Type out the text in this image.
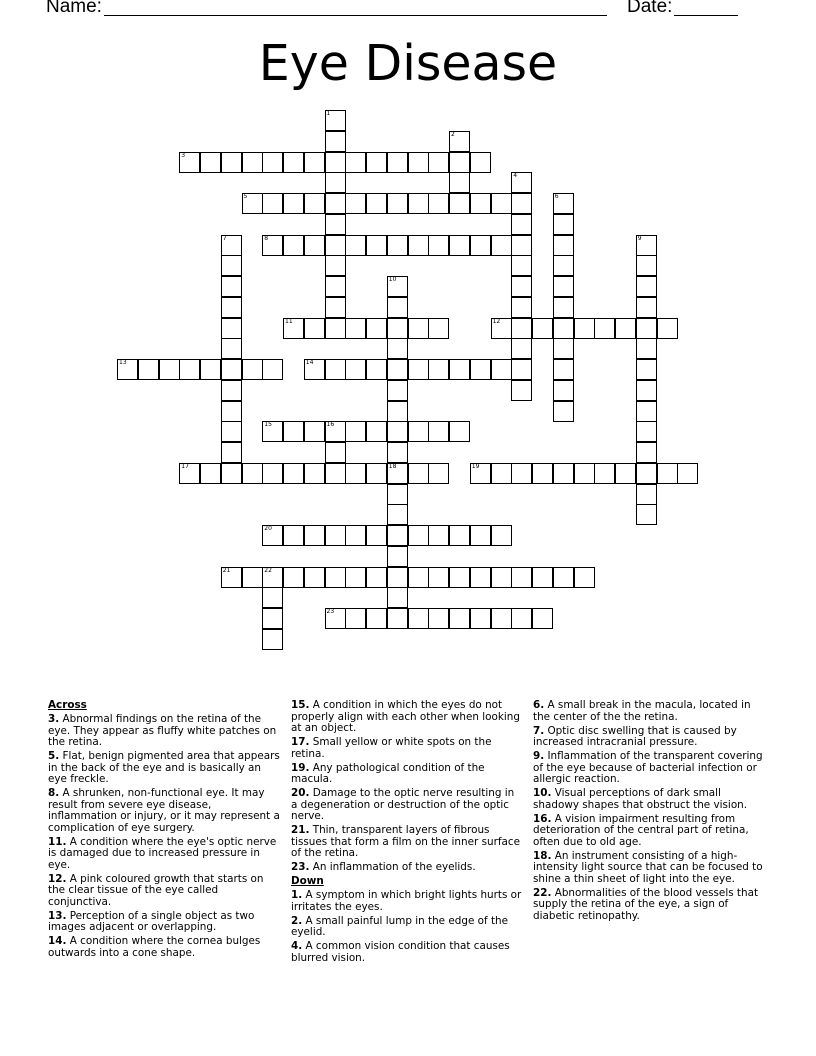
Name:	Date:
Eye Disease
1
2
3
4
5	6
7	8	9
10
18
11	12
13	14
15	16
17	19
20
21	22
23
Across
3. Abnormal findings on the retina of the eye. They appear as fluffy white patches on the retina.
5. Flat, benign pigmented area that appears in the back of the eye and is basically an eye freckle.
8. A shrunken, non-functional eye. It may result from severe eye disease, inflammation or injury, or it may represent a complication of eye surgery.
11. A condition where the eye's optic nerve is damaged due to increased pressure in eye.
12. A pink coloured growth that starts on the clear tissue of the eye called conjunctiva.
13. Perception of a single object as two images adjacent or overlapping.
14. A condition where the cornea bulges outwards into a cone shape.
15. A condition in which the eyes do not properly align with each other when looking at an object.
17. Small yellow or white spots on the retina.
19. Any pathological condition of the macula.
20. Damage to the optic nerve resulting in a degeneration or destruction of the optic nerve.
21. Thin, transparent layers of fibrous tissues that form a film on the inner surface of the retina.
23. An inflammation of the eyelids.
Down
1. A symptom in which bright lights hurts or irritates the eyes.
2. A small painful lump in the edge of the eyelid.
4. A common vision condition that causes blurred vision.
6. A small break in the macula, located in the center of the the retina.
7. Optic disc swelling that is caused by increased intracranial pressure.
9. Inflammation of the transparent covering of the eye because of bacterial infection or allergic reaction.
10. Visual perceptions of dark small shadowy shapes that obstruct the vision.
16. A vision impairment resulting from deterioration of the central part of retina, often due to old age.
18. An instrument consisting of a high-intensity light source that can be focused to shine a thin sheet of light into the eye.
22. Abnormalities of the blood vessels that supply the retina of the eye, a sign of diabetic retinopathy.
